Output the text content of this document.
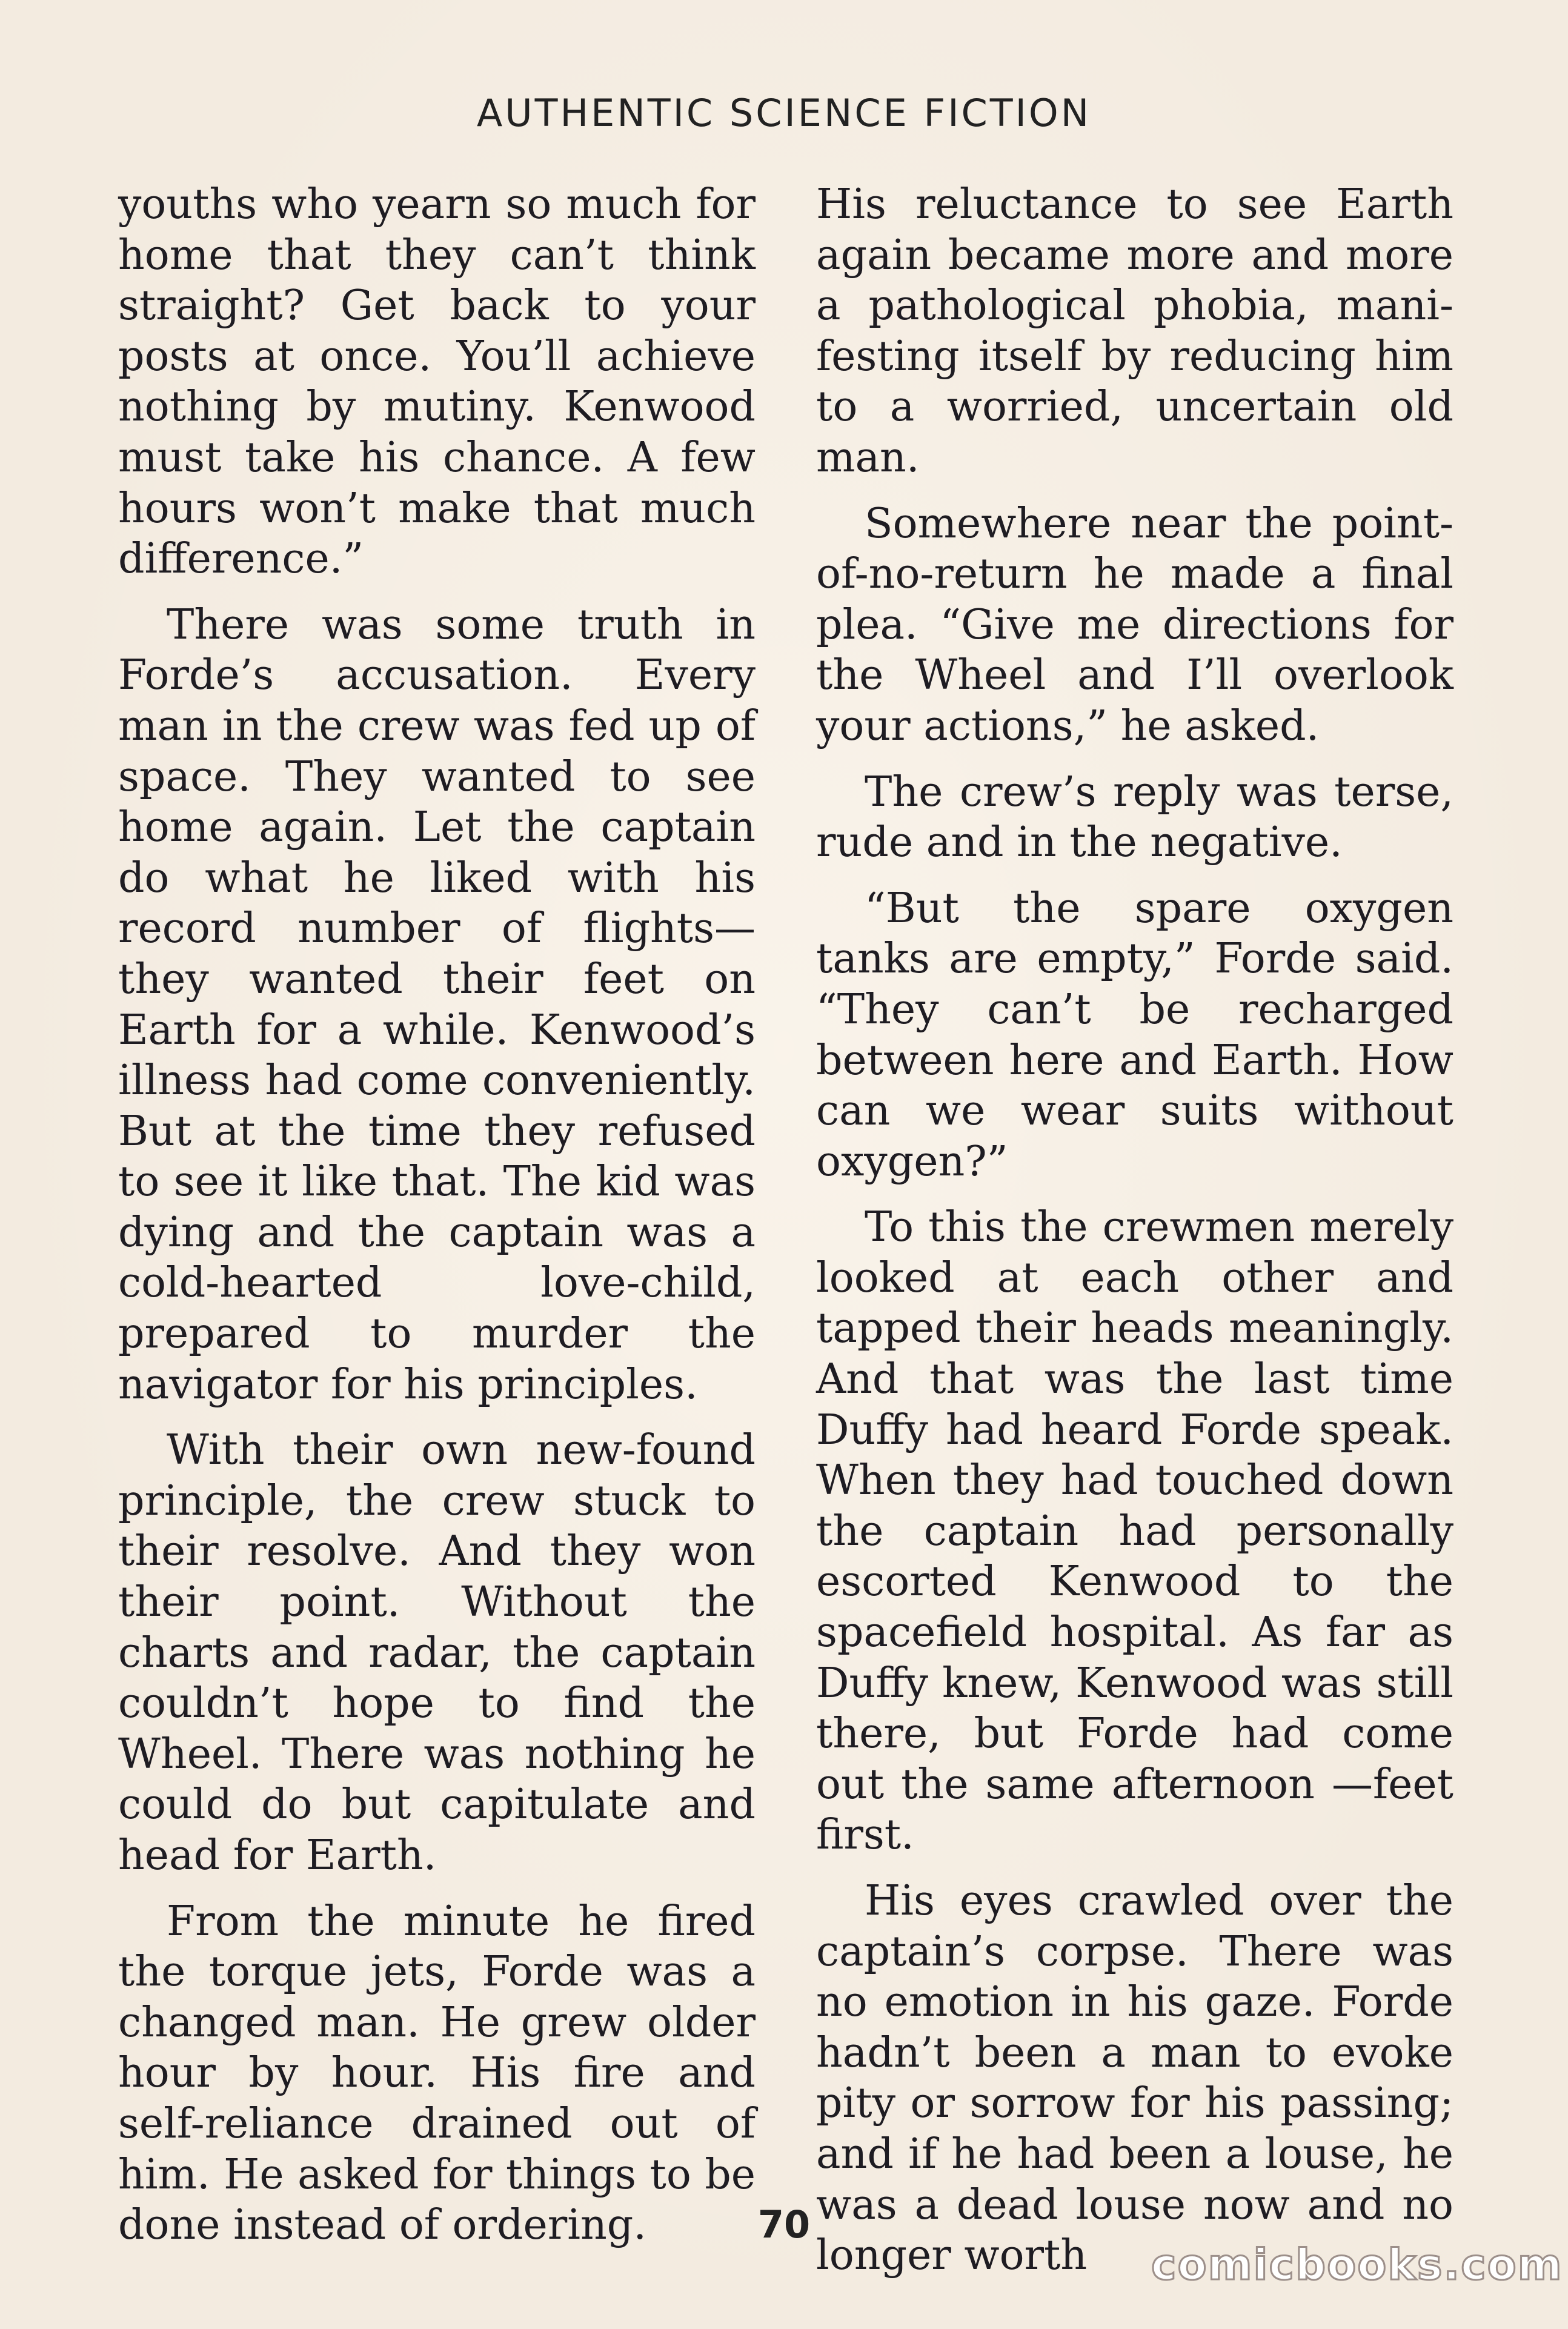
AUTHENTIC SCIENCE FICTION

youths who yearn so much for home that they can’t think straight? Get back to your posts at once. You’ll achieve nothing by mutiny. Kenwood must take his chance. A few hours won’t make that much difference.”

There was some truth in Forde’s accusation. Every man in the crew was fed up of space. They wanted to see home again. Let the captain do what he liked with his record number of flights—they wanted their feet on Earth for a while. Kenwood’s illness had come conveniently. But at the time they refused to see it like that. The kid was dying and the captain was a cold-hearted love-child, prepared to murder the navigator for his principles.

With their own new-found principle, the crew stuck to their resolve. And they won their point. Without the charts and radar, the captain couldn’t hope to find the Wheel. There was nothing he could do but capitulate and head for Earth.

From the minute he fired the torque jets, Forde was a changed man. He grew older hour by hour. His fire and self-reliance drained out of him. He asked for things to be done instead of ordering.

His reluctance to see Earth again became more and more a pathological phobia, manifesting itself by reducing him to a worried, uncertain old man.

Somewhere near the point-of-no-return he made a final plea. “Give me directions for the Wheel and I’ll overlook your actions,” he asked.

The crew’s reply was terse, rude and in the negative.

“But the spare oxygen tanks are empty,” Forde said. “They can’t be recharged between here and Earth. How can we wear suits without oxygen?”

To this the crewmen merely looked at each other and tapped their heads meaningly. And that was the last time Duffy had heard Forde speak. When they had touched down the captain had personally escorted Kenwood to the spacefield hospital. As far as Duffy knew, Kenwood was still there, but Forde had come out the same afternoon —feet first.

His eyes crawled over the captain’s corpse. There was no emotion in his gaze. Forde hadn’t been a man to evoke pity or sorrow for his passing; and if he had been a louse, he was a dead louse now and no longer worth

70
comicbooks.com
